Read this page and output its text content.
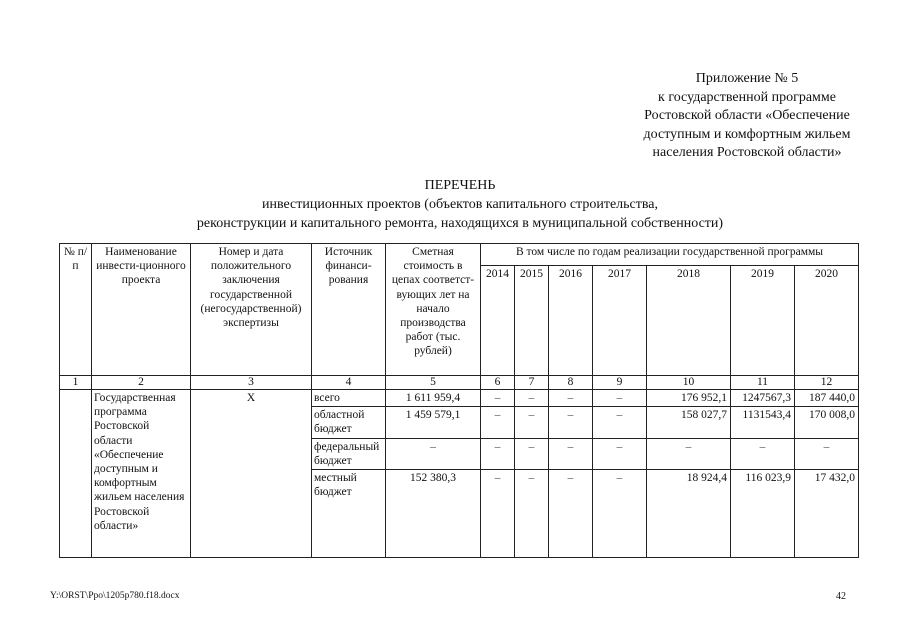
Приложение № 5
к государственной программе
Ростовской области «Обеспечение
доступным и комфортным жильем
населения Ростовской области»
ПЕРЕЧЕНЬ
инвестиционных проектов (объектов капитального строительства,
реконструкции и капитального ремонта, находящихся в муниципальной собственности)
№ п/п	Наименование инвести-ционного проекта	Номер и дата положительного заключения государственной (негосударственной) экспертизы	Источник финанси-рования	Сметная стоимость в цепах соответст-вующих лет на начало производства работ (тыс. рублей)	В том числе по годам реализации государственной программы						
					2014	2015	2016	2017	2018	2019	2020
1	2	3	4	5	6	7	8	9	10	11	12
	Государственная программа Ростовской области «Обеспечение доступным и комфортным жильем населения Ростовской области»	Х	всего	1 611 959,4	–	–	–	–	176 952,1	1247567,3	187 440,0
			областной бюджет	1 459 579,1	–	–	–	–	158 027,7	1131543,4	170 008,0
			федеральный бюджет	–	–	–	–	–	–	–	–
			местный бюджет	152 380,3	–	–	–	–	18 924,4	116 023,9	17 432,0
Y:\ORST\Ppo\1205p780.f18.docx	42
